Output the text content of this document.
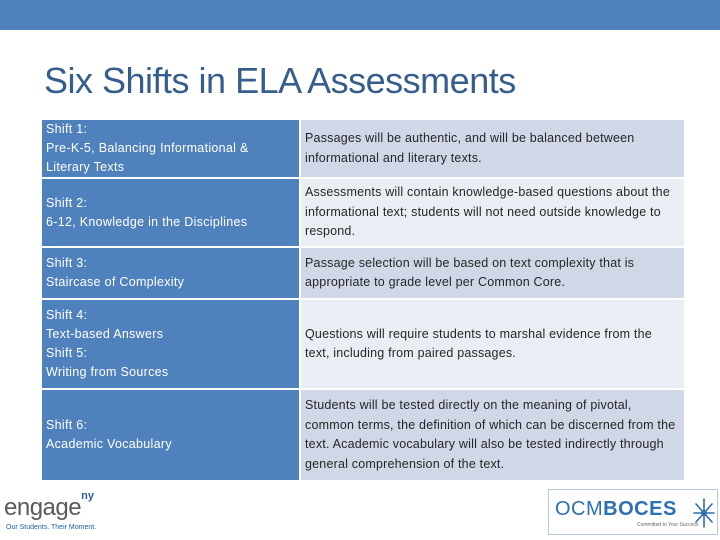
Six Shifts in ELA Assessments
Shift 1:
Pre-K-5, Balancing Informational &
Literary Texts
Passages will be authentic, and will be balanced between informational and literary texts.
Shift 2:
6-12, Knowledge in the Disciplines
Assessments will contain knowledge-based questions about the informational text; students will not need outside knowledge to respond.
Shift 3:
Staircase of Complexity
Passage selection will be based on text complexity that is appropriate to grade level per Common Core.
Shift 4:
Text-based Answers
Shift 5:
Writing from Sources
Questions will require students to marshal evidence from the text, including from paired passages.
Shift 6:
Academic Vocabulary
Students will be tested directly on the meaning of pivotal, common terms, the definition of which can be discerned from the text. Academic vocabulary will also be tested indirectly through general comprehension of the text.
engage$^{ny}$
Our Students. Their Moment.
OCMBOCES
Committed to Your Success
